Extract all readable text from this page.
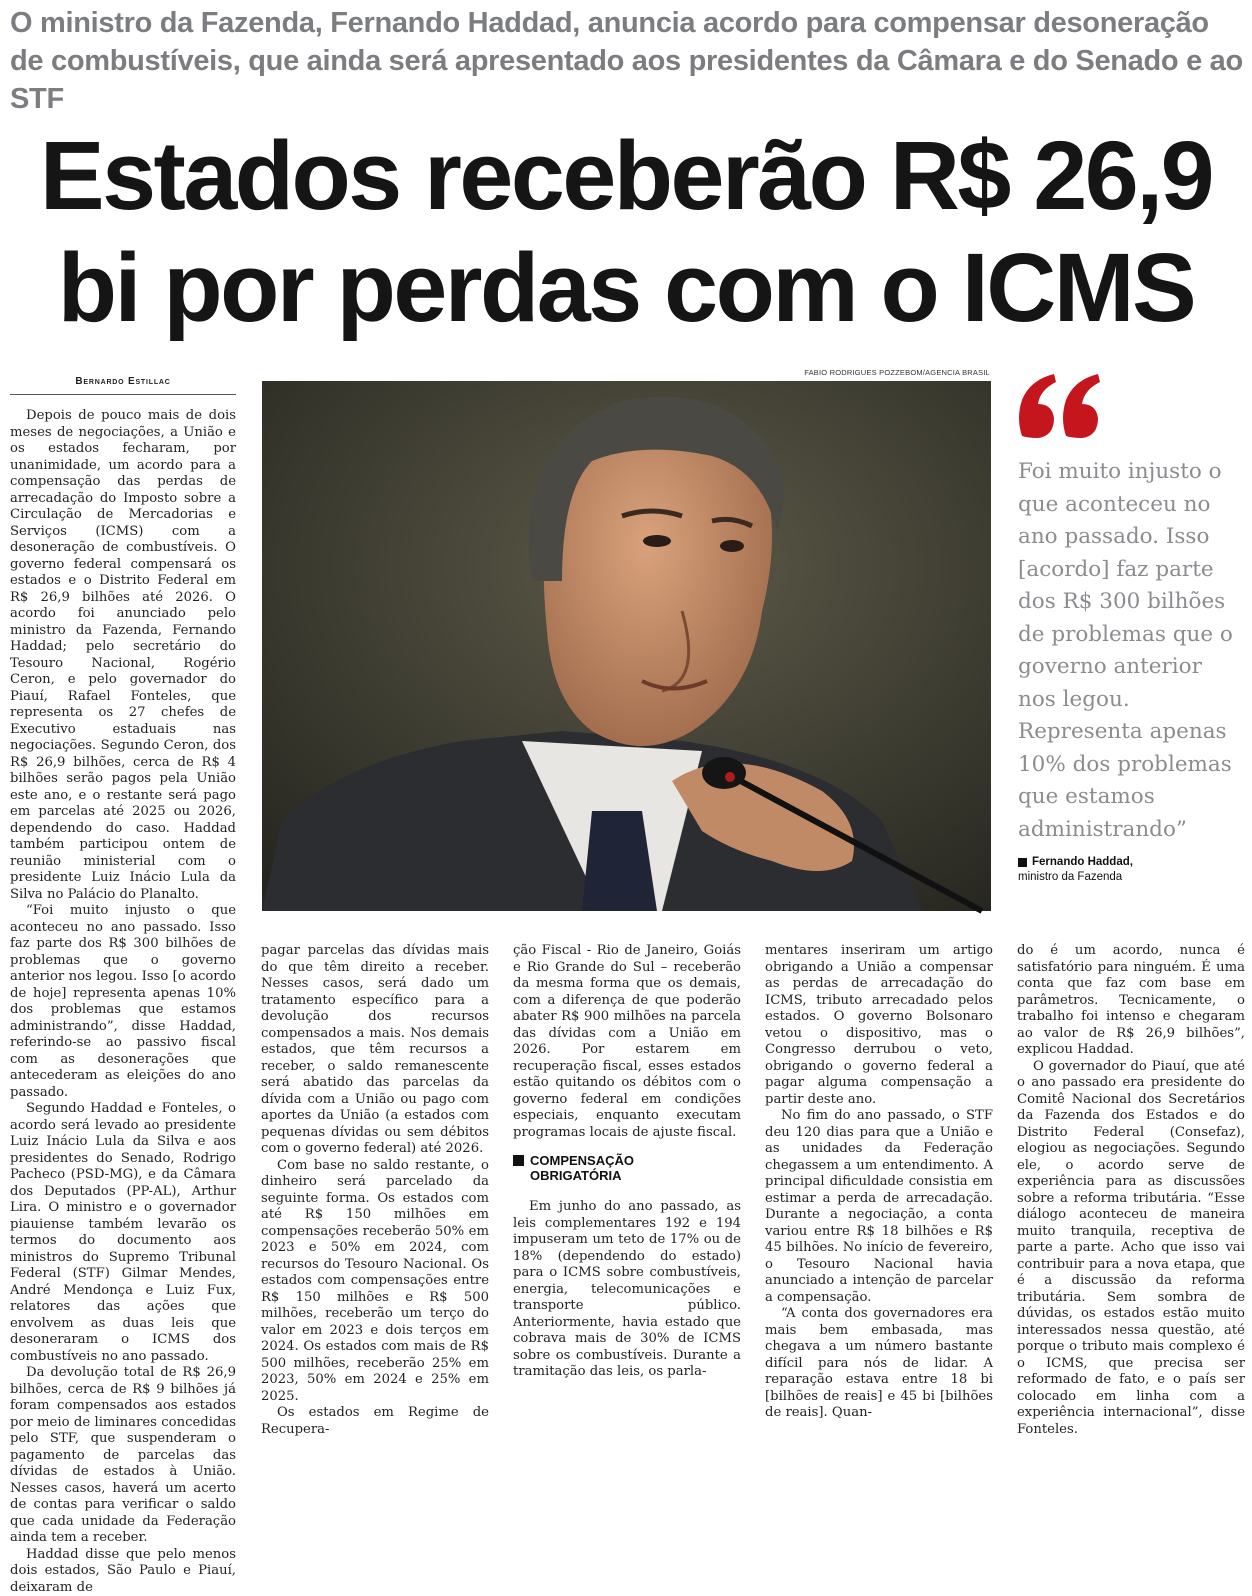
O ministro da Fazenda, Fernando Haddad, anuncia acordo para compensar desoneração de combustíveis, que ainda será apresentado aos presidentes da Câmara e do Senado e ao STF
Estados receberão R$ 26,9
bi por perdas com o ICMS
Bernardo Estillac

Depois de pouco mais de dois meses de negociações, a União e os estados fecharam, por unanimidade, um acordo para a compensação das perdas de arrecadação do Imposto sobre a Circulação de Mercadorias e Serviços (ICMS) com a desoneração de combustíveis. O governo federal compensará os estados e o Distrito Federal em R$ 26,9 bilhões até 2026. O acordo foi anunciado pelo ministro da Fazenda, Fernando Haddad; pelo secretário do Tesouro Nacional, Rogério Ceron, e pelo governador do Piauí, Rafael Fonteles, que representa os 27 chefes de Executivo estaduais nas negociações. Segundo Ceron, dos R$ 26,9 bilhões, cerca de R$ 4 bilhões serão pagos pela União este ano, e o restante será pago em parcelas até 2025 ou 2026, dependendo do caso. Haddad também participou ontem de reunião ministerial com o presidente Luiz Inácio Lula da Silva no Palácio do Planalto.

“Foi muito injusto o que aconteceu no ano passado. Isso faz parte dos R$ 300 bilhões de problemas que o governo anterior nos legou. Isso [o acordo de hoje] representa apenas 10% dos problemas que estamos administrando”, disse Haddad, referindo-se ao passivo fiscal com as desonerações que antecederam as eleições do ano passado.

Segundo Haddad e Fonteles, o acordo será levado ao presidente Luiz Inácio Lula da Silva e aos presidentes do Senado, Rodrigo Pacheco (PSD-MG), e da Câmara dos Deputados (PP-AL), Arthur Lira. O ministro e o governador piauiense também levarão os termos do documento aos ministros do Supremo Tribunal Federal (STF) Gilmar Mendes, André Mendonça e Luiz Fux, relatores das ações que envolvem as duas leis que desoneraram o ICMS dos combustíveis no ano passado.

Da devolução total de R$ 26,9 bilhões, cerca de R$ 9 bilhões já foram compensados aos estados por meio de liminares concedidas pelo STF, que suspenderam o pagamento de parcelas das dívidas de estados à União. Nesses casos, haverá um acerto de contas para verificar o saldo que cada unidade da Federação ainda tem a receber.

Haddad disse que pelo menos dois estados, São Paulo e Piauí, deixaram de

FABIO RODRIGUES POZZEBOM/AGENCIA BRASIL
Foi muito injusto o que aconteceu no ano passado. Isso [acordo] faz parte dos R$ 300 bilhões de problemas que o governo anterior nos legou. Representa apenas 10% dos problemas que estamos administrando”
Fernando Haddad,
ministro da Fazenda

pagar parcelas das dívidas mais do que têm direito a receber. Nesses casos, será dado um tratamento específico para a devolução dos recursos compensados a mais. Nos demais estados, que têm recursos a receber, o saldo remanescente será abatido das parcelas da dívida com a União ou pago com aportes da União (a estados com pequenas dívidas ou sem débitos com o governo federal) até 2026.

Com base no saldo restante, o dinheiro será parcelado da seguinte forma. Os estados com até R$ 150 milhões em compensações receberão 50% em 2023 e 50% em 2024, com recursos do Tesouro Nacional. Os estados com compensações entre R$ 150 milhões e R$ 500 milhões, receberão um terço do valor em 2023 e dois terços em 2024. Os estados com mais de R$ 500 milhões, receberão 25% em 2023, 50% em 2024 e 25% em 2025.

Os estados em Regime de Recupera-

ção Fiscal - Rio de Janeiro, Goiás e Rio Grande do Sul – receberão da mesma forma que os demais, com a diferença de que poderão abater R$ 900 milhões na parcela das dívidas com a União em 2026. Por estarem em recuperação fiscal, esses estados estão quitando os débitos com o governo federal em condições especiais, enquanto executam programas locais de ajuste fiscal.

COMPENSAÇÃO
OBRIGATÓRIA

Em junho do ano passado, as leis complementares 192 e 194 impuseram um teto de 17% ou de 18% (dependendo do estado) para o ICMS sobre combustíveis, energia, telecomunicações e transporte público. Anteriormente, havia estado que cobrava mais de 30% de ICMS sobre os combustíveis. Durante a tramitação das leis, os parla-

mentares inseriram um artigo obrigando a União a compensar as perdas de arrecadação do ICMS, tributo arrecadado pelos estados. O governo Bolsonaro vetou o dispositivo, mas o Congresso derrubou o veto, obrigando o governo federal a pagar alguma compensação a partir deste ano.

No fim do ano passado, o STF deu 120 dias para que a União e as unidades da Federação chegassem a um entendimento. A principal dificuldade consistia em estimar a perda de arrecadação. Durante a negociação, a conta variou entre R$ 18 bilhões e R$ 45 bilhões. No início de fevereiro, o Tesouro Nacional havia anunciado a intenção de parcelar a compensação.

“A conta dos governadores era mais bem embasada, mas chegava a um número bastante difícil para nós de lidar. A reparação estava entre 18 bi [bilhões de reais] e 45 bi [bilhões de reais]. Quan-

do é um acordo, nunca é satisfatório para ninguém. É uma conta que faz com base em parâmetros. Tecnicamente, o trabalho foi intenso e chegaram ao valor de R$ 26,9 bilhões”, explicou Haddad.

O governador do Piauí, que até o ano passado era presidente do Comitê Nacional dos Secretários da Fazenda dos Estados e do Distrito Federal (Consefaz), elogiou as negociações. Segundo ele, o acordo serve de experiência para as discussões sobre a reforma tributária. “Esse diálogo aconteceu de maneira muito tranquila, receptiva de parte a parte. Acho que isso vai contribuir para a nova etapa, que é a discussão da reforma tributária. Sem sombra de dúvidas, os estados estão muito interessados nessa questão, até porque o tributo mais complexo é o ICMS, que precisa ser reformado de fato, e o país ser colocado em linha com a experiência internacional”, disse Fonteles.
